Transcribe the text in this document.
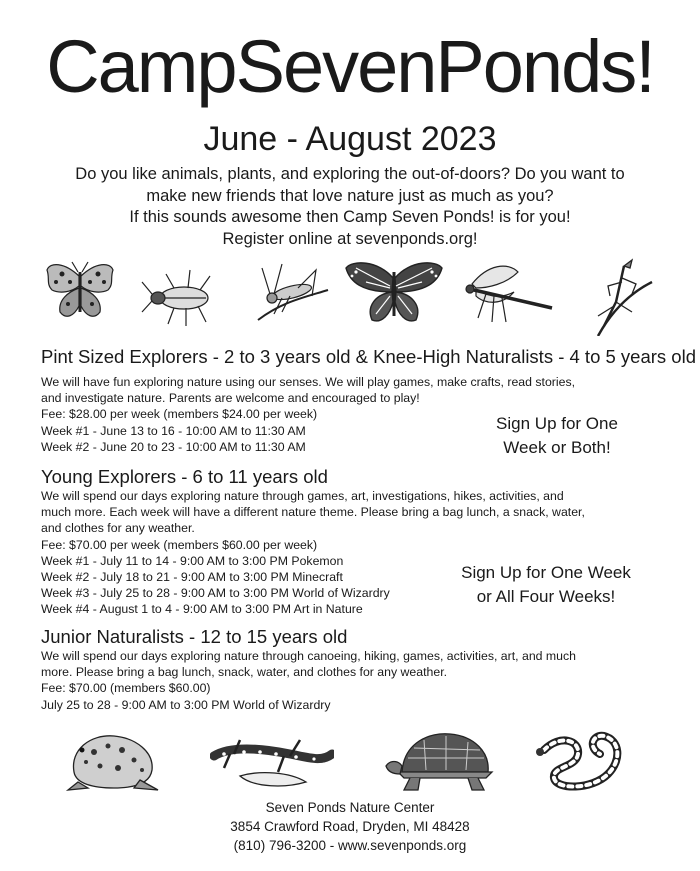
CampSevenPonds!
June - August 2023
Do you like animals, plants, and exploring the out-of-doors? Do you want to
make new friends that love nature just as much as you?
If this sounds awesome then Camp Seven Ponds! is for you!
Register online at sevenponds.org!
Pint Sized Explorers - 2 to 3 years old & Knee-High Naturalists - 4 to 5 years old
We will have fun exploring nature using our senses. We will play games, make crafts, read stories,
and investigate nature. Parents are welcome and encouraged to play!
Fee: $28.00 per week (members $24.00 per week)
Week #1 - June 13 to 16 - 10:00 AM to 11:30 AM
Week #2 - June 20 to 23 - 10:00 AM to 11:30 AM
Sign Up for One
Week or Both!
Young Explorers - 6 to 11 years old
We will spend our days exploring nature through games, art, investigations, hikes, activities, and
much more. Each week will have a different nature theme. Please bring a bag lunch, a snack, water,
and clothes for any weather.
Fee: $70.00 per week (members $60.00 per week)
Week #1 - July 11 to 14 - 9:00 AM to 3:00 PM Pokemon
Week #2 - July 18 to 21 - 9:00 AM to 3:00 PM Minecraft
Week #3 - July 25 to 28 - 9:00 AM to 3:00 PM World of Wizardry
Week #4 - August 1 to 4 - 9:00 AM to 3:00 PM Art in Nature
Sign Up for One Week
or All Four Weeks!
Junior Naturalists - 12 to 15 years old
We will spend our days exploring nature through canoeing, hiking, games, activities, art, and much
more. Please bring a bag lunch, snack, water, and clothes for any weather.
Fee: $70.00 (members $60.00)
July 25 to 28 - 9:00 AM to 3:00 PM World of Wizardry
Seven Ponds Nature Center
3854 Crawford Road, Dryden, MI 48428
(810) 796-3200 - www.sevenponds.org
